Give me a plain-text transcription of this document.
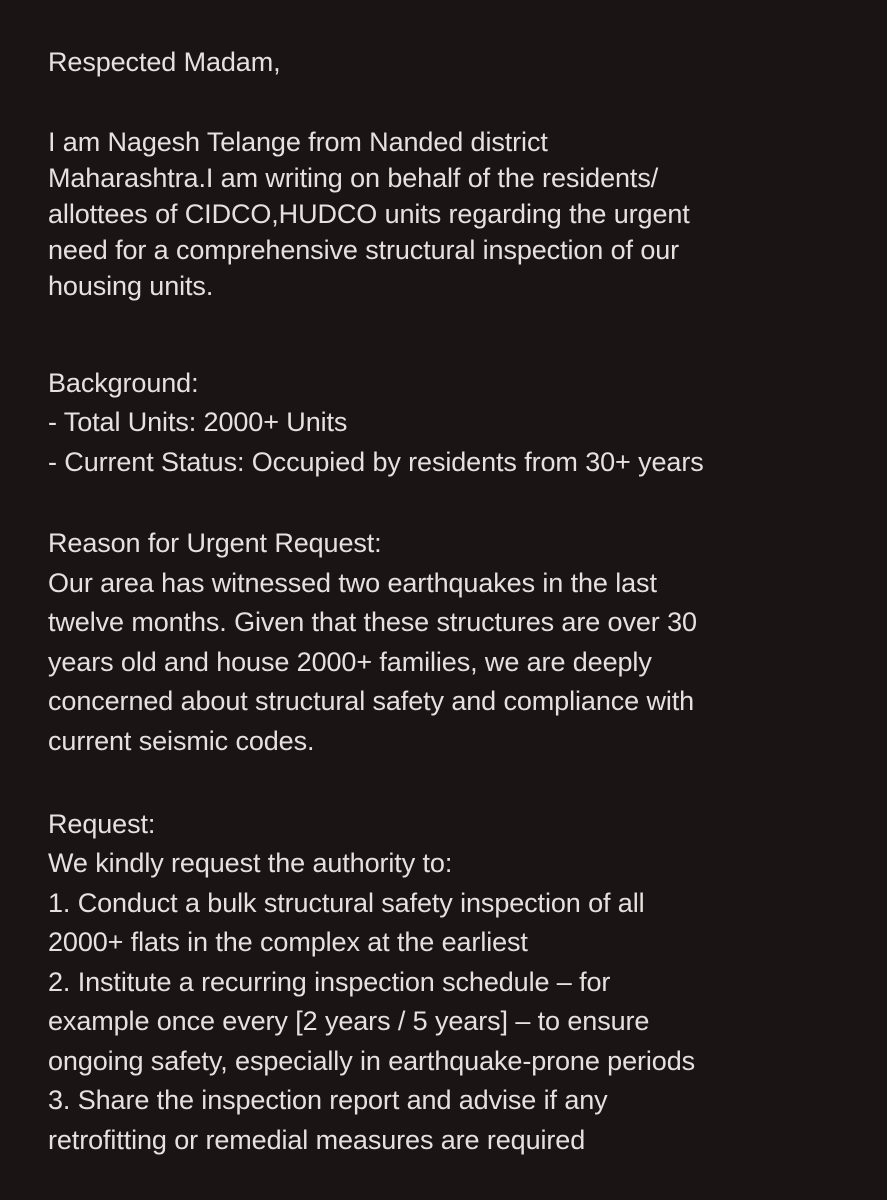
Respected Madam,
I am Nagesh Telange from Nanded district
Maharashtra.I am writing on behalf of the residents/
allottees of CIDCO,HUDCO units regarding the urgent
need for a comprehensive structural inspection of our
housing units.
Background:
- Total Units: 2000+ Units
- Current Status: Occupied by residents from 30+ years
Reason for Urgent Request:
Our area has witnessed two earthquakes in the last
twelve months. Given that these structures are over 30
years old and house 2000+ families, we are deeply
concerned about structural safety and compliance with
current seismic codes.
Request:
We kindly request the authority to:
1. Conduct a bulk structural safety inspection of all
2000+ flats in the complex at the earliest
2. Institute a recurring inspection schedule – for
example once every [2 years / 5 years] – to ensure
ongoing safety, especially in earthquake-prone periods
3. Share the inspection report and advise if any
retrofitting or remedial measures are required
